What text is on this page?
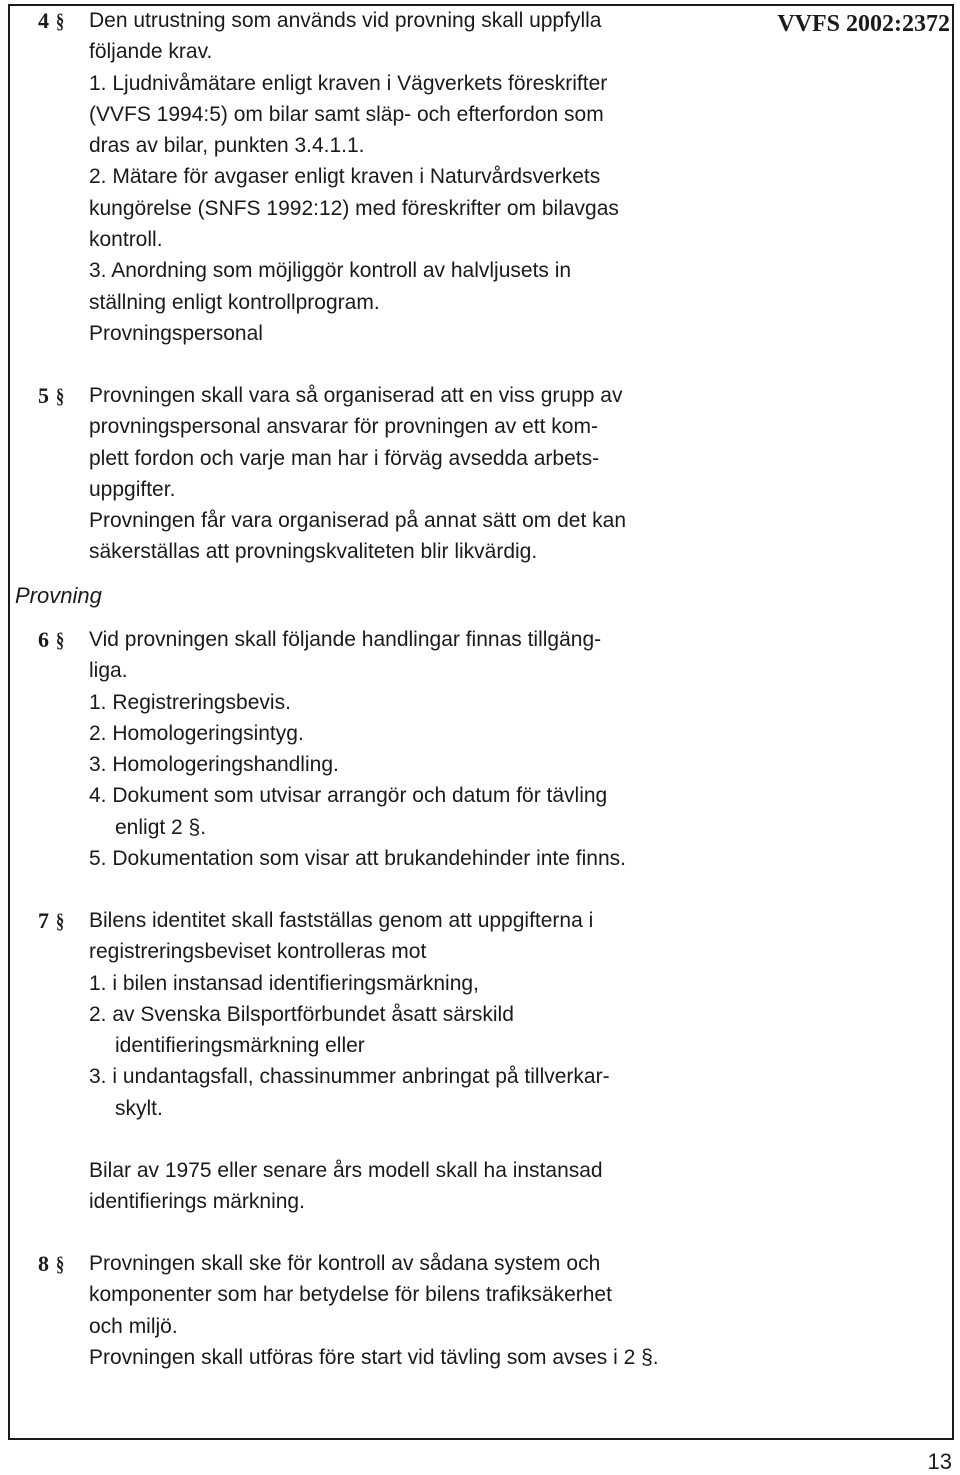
VVFS 2002:2372
4 § Den utrustning som används vid provning skall uppfylla
följande krav.
1. Ljudnivåmätare enligt kraven i Vägverkets föreskrifter
(VVFS 1994:5) om bilar samt släp- och efterfordon som
dras av bilar, punkten 3.4.1.1.
2. Mätare för avgaser enligt kraven i Naturvårdsverkets
kungörelse (SNFS 1992:12) med föreskrifter om bilavgas
kontroll.
3. Anordning som möjliggör kontroll av halvljusets in
ställning enligt kontrollprogram.
Provningspersonal
5 § Provningen skall vara så organiserad att en viss grupp av
provningspersonal ansvarar för provningen av ett kom-
plett fordon och varje man har i förväg avsedda arbets-
uppgifter.
Provningen får vara organiserad på annat sätt om det kan
säkerställas att provningskvaliteten blir likvärdig.
Provning
6 § Vid provningen skall följande handlingar finnas tillgäng-
liga.
1. Registreringsbevis.
2. Homologeringsintyg.
3. Homologeringshandling.
4. Dokument som utvisar arrangör och datum för tävling
enligt 2 §.
5. Dokumentation som visar att brukandehinder inte finns.
7 § Bilens identitet skall fastställas genom att uppgifterna i
registreringsbeviset kontrolleras mot
1. i bilen instansad identifieringsmärkning,
2. av Svenska Bilsportförbundet åsatt särskild
identifieringsmärkning eller
3. i undantagsfall, chassinummer anbringat på tillverkar-
skylt.
Bilar av 1975 eller senare års modell skall ha instansad
identifierings märkning.
8 § Provningen skall ske för kontroll av sådana system och
komponenter som har betydelse för bilens trafiksäkerhet
och miljö.
Provningen skall utföras före start vid tävling som avses i 2 §.
13
